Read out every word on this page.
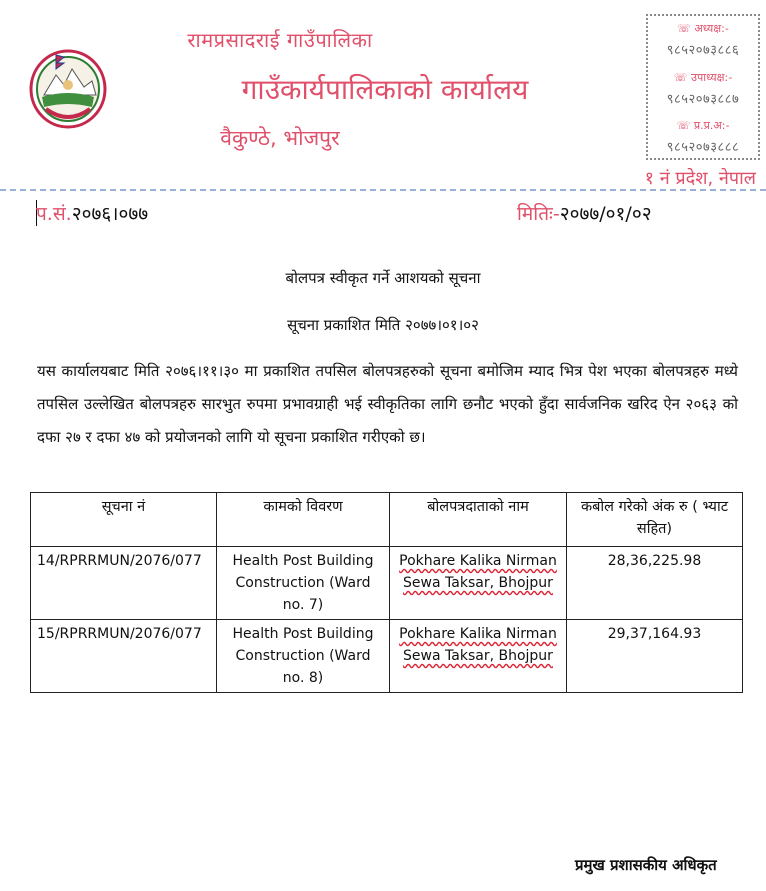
रामप्रसादराई गाउँपालिका
गाउँकार्यपालिकाको कार्यालय
वैकुण्ठे, भोजपुर
☏ अध्यक्ष:-
९८५२०७३८८६
☏ उपाध्यक्ष:-
९८५२०७३८८७
☏ प्र.प्र.अ:-
९८५२०७३८८८
१ नं प्रदेश, नेपाल
प.सं.२०७६।०७७	मितिः-२०७७/०१/०२
बोलपत्र स्वीकृत गर्ने आशयको सूचना
सूचना प्रकाशित मिति २०७७।०१।०२
यस कार्यालयबाट मिति २०७६।११।३० मा प्रकाशित तपसिल बोलपत्रहरुको सूचना बमोजिम म्याद भित्र पेश भएका बोलपत्रहरु मध्ये तपसिल उल्लेखित बोलपत्रहरु सारभुत रुपमा प्रभावग्राही भई स्वीकृतिका लागि छनौट भएको हुँदा सार्वजनिक खरिद ऐन २०६३ को दफा २७ र दफा ४७ को प्रयोजनको लागि यो सूचना प्रकाशित गरीएको छ।
सूचना नं	कामको विवरण	बोलपत्रदाताको नाम	कबोल गरेको अंक रु ( भ्याट सहित)
14/RPRRMUN/2076/077	Health Post Building Construction (Ward no. 7)	Pokhare Kalika Nirman Sewa Taksar, Bhojpur	28,36,225.98
15/RPRRMUN/2076/077	Health Post Building Construction (Ward no. 8)	Pokhare Kalika Nirman Sewa Taksar, Bhojpur	29,37,164.93
प्रमुख प्रशासकीय अधिकृत
